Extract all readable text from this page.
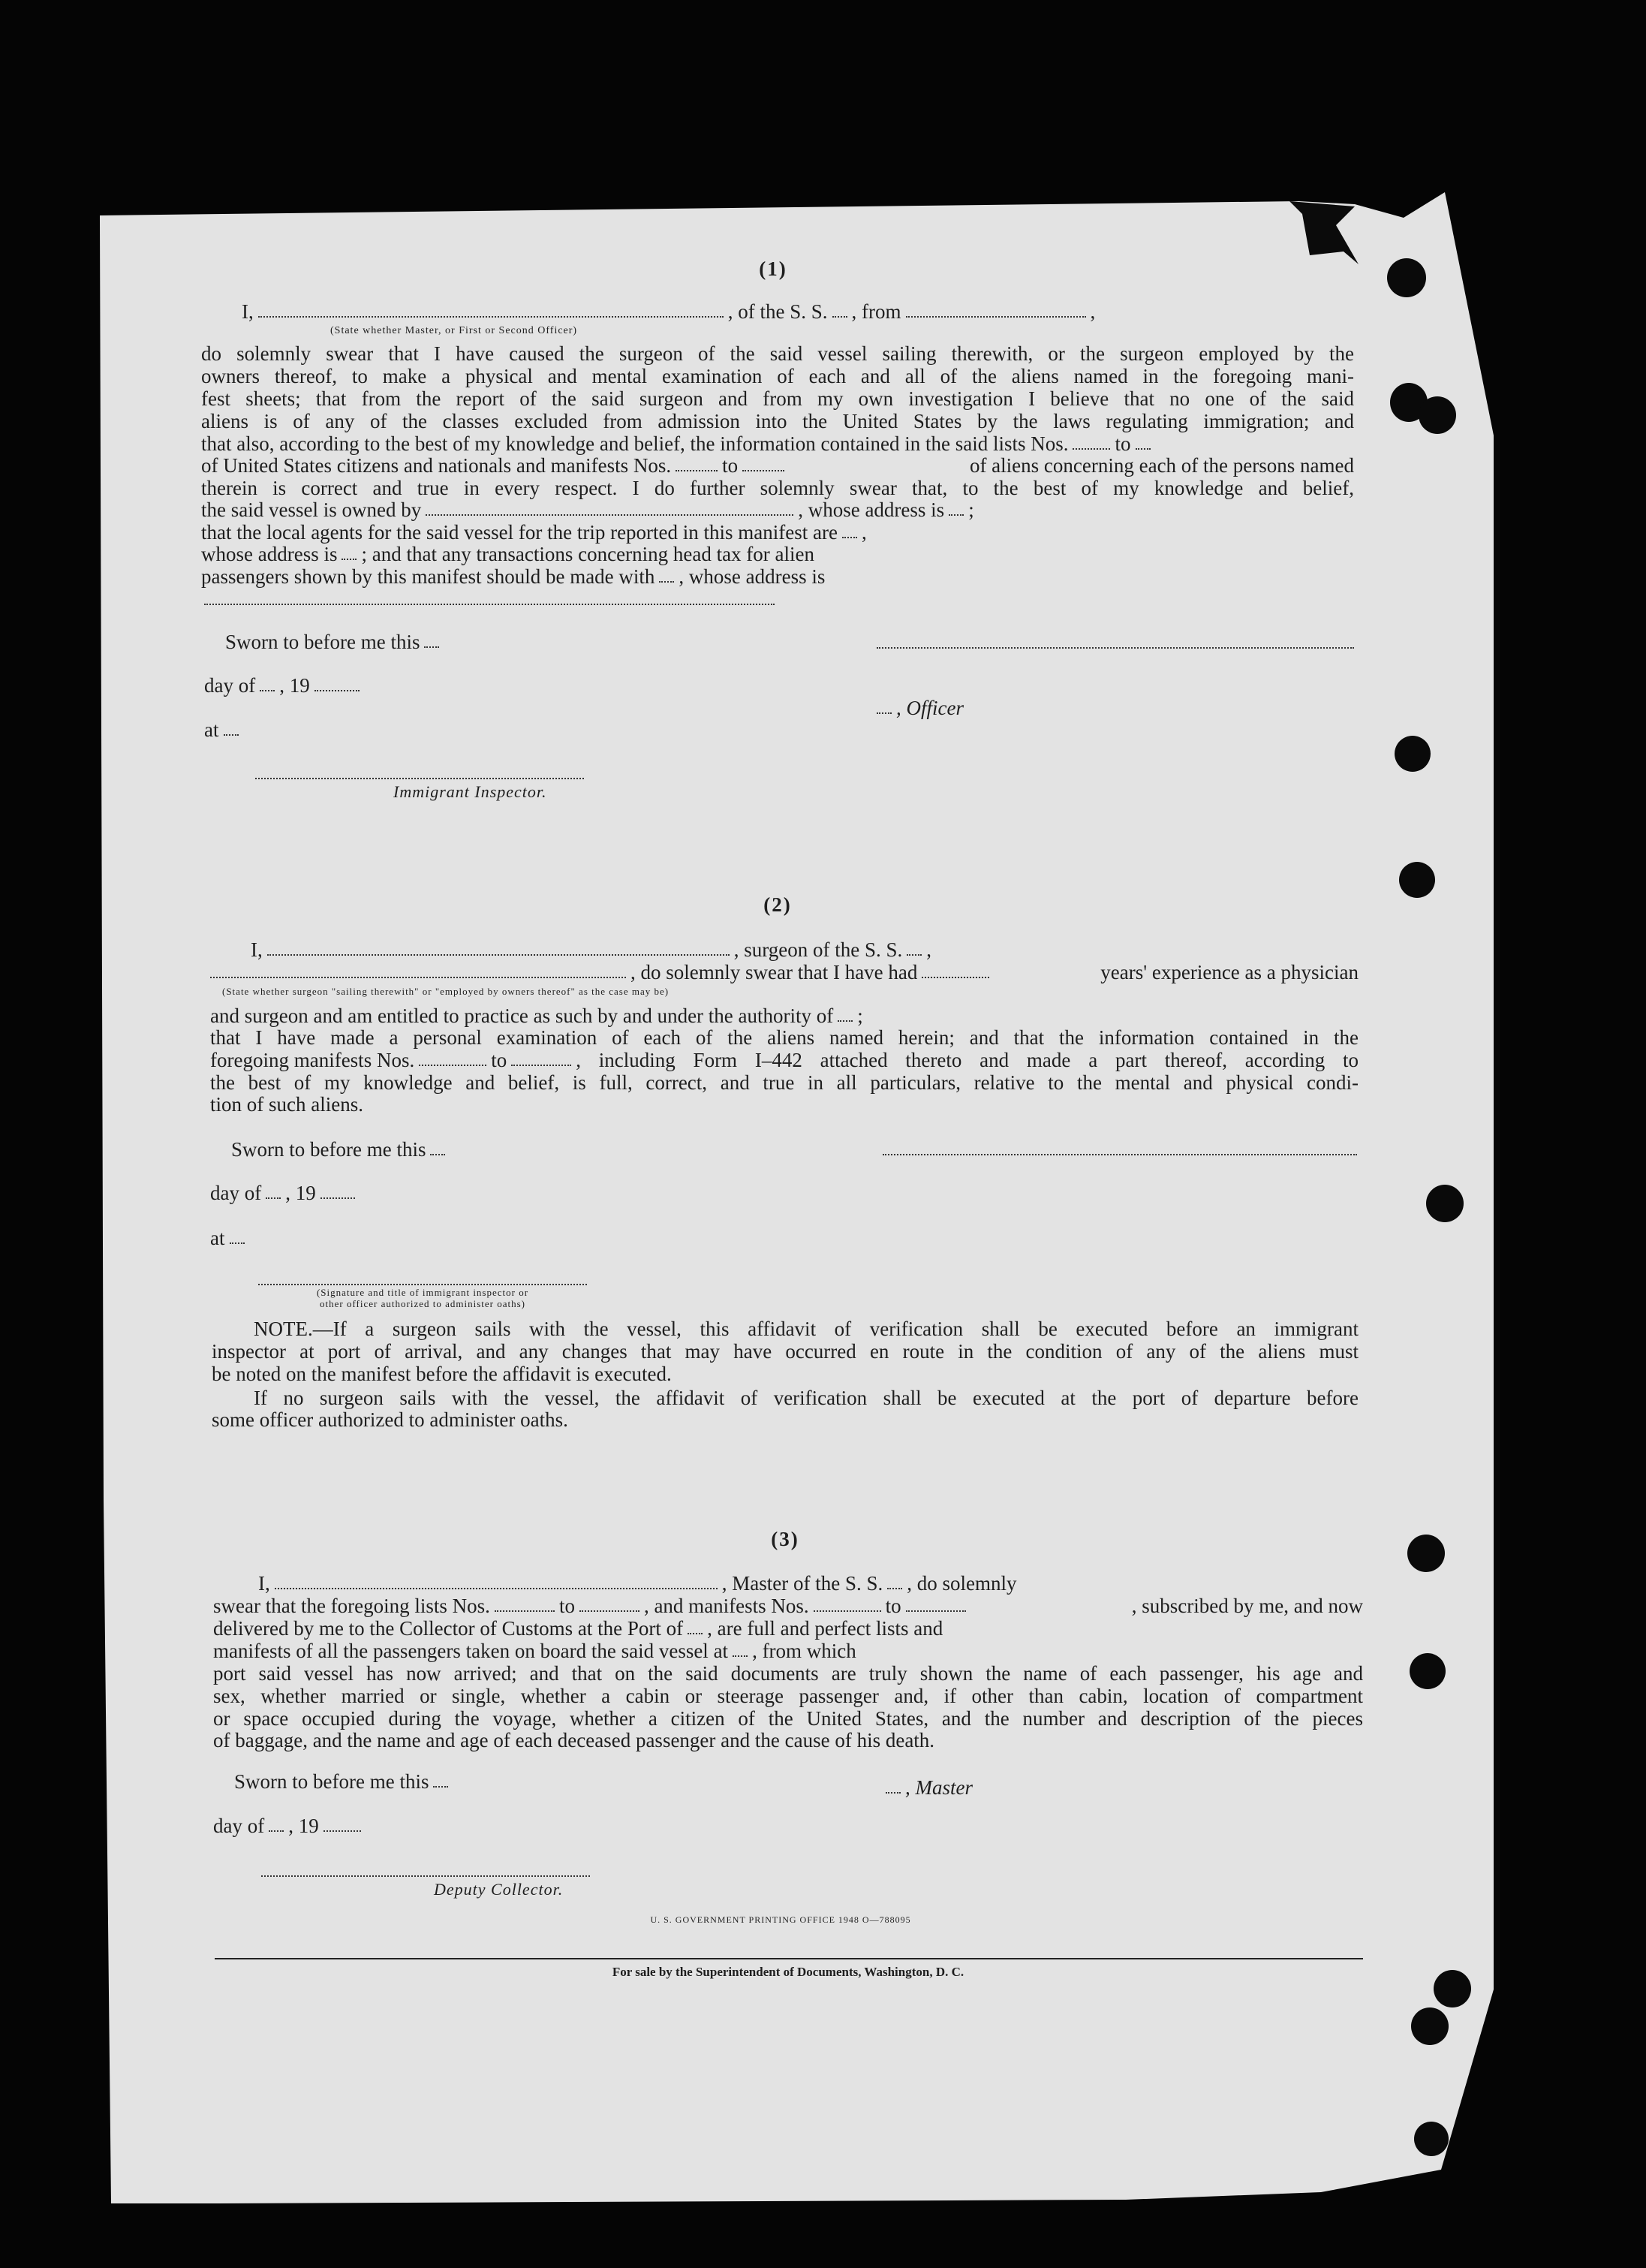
(1)
I,	, of the S. S. , from	,
(State whether Master, or First or Second Officer)
do solemnly swear that I have caused the surgeon of the said vessel sailing therewith, or the surgeon employed by the
owners thereof, to make a physical and mental examination of each and all of the aliens named in the foregoing mani-
fest sheets; that from the report of the said surgeon and from my own investigation I believe that no one of the said
aliens is of any of the classes excluded from admission into the United States by the laws regulating immigration; and
that also, according to the best of my knowledge and belief, the information contained in the said lists Nos. to
of United States citizens and nationals and manifests Nos.	to	of aliens concerning each of the persons named
therein is correct and true in every respect. I do further solemnly swear that, to the best of my knowledge and belief,
the said vessel is owned by	, whose address is ;
that the local agents for the said vessel for the trip reported in this manifest are ,
whose address is ; and that any transactions concerning head tax for alien
passengers shown by this manifest should be made with , whose address is
Sworn to before me this
day of , 19
, Officer
at
Immigrant Inspector.
(2)
I,	, surgeon of the S. S. ,
, do solemnly swear that I have had	years' experience as a physician
(State whether surgeon "sailing therewith" or "employed by owners thereof" as the case may be)
and surgeon and am entitled to practice as such by and under the authority of ;
that I have made a personal examination of each of the aliens named herein; and that the information contained in the
foregoing manifests Nos.	to	, including Form I–442 attached thereto and made a part thereof, according to
the best of my knowledge and belief, is full, correct, and true in all particulars, relative to the mental and physical condi-
tion of such aliens.
Sworn to before me this
day of , 19
at
(Signature and title of immigrant inspector or
other officer authorized to administer oaths)
NOTE.—If a surgeon sails with the vessel, this affidavit of verification shall be executed before an immigrant
inspector at port of arrival, and any changes that may have occurred en route in the condition of any of the aliens must
be noted on the manifest before the affidavit is executed.
If no surgeon sails with the vessel, the affidavit of verification shall be executed at the port of departure before
some officer authorized to administer oaths.
(3)
I,	, Master of the S. S. , do solemnly
swear that the foregoing lists Nos.	to	, and manifests Nos.	to	, subscribed by me, and now
delivered by me to the Collector of Customs at the Port of , are full and perfect lists and
manifests of all the passengers taken on board the said vessel at , from which
port said vessel has now arrived; and that on the said documents are truly shown the name of each passenger, his age and
sex, whether married or single, whether a cabin or steerage passenger and, if other than cabin, location of compartment
or space occupied during the voyage, whether a citizen of the United States, and the number and description of the pieces
of baggage, and the name and age of each deceased passenger and the cause of his death.
Sworn to before me this	, Master
day of , 19
Deputy Collector.
U. S. GOVERNMENT PRINTING OFFICE 1948 O—788095
For sale by the Superintendent of Documents, Washington, D. C.
